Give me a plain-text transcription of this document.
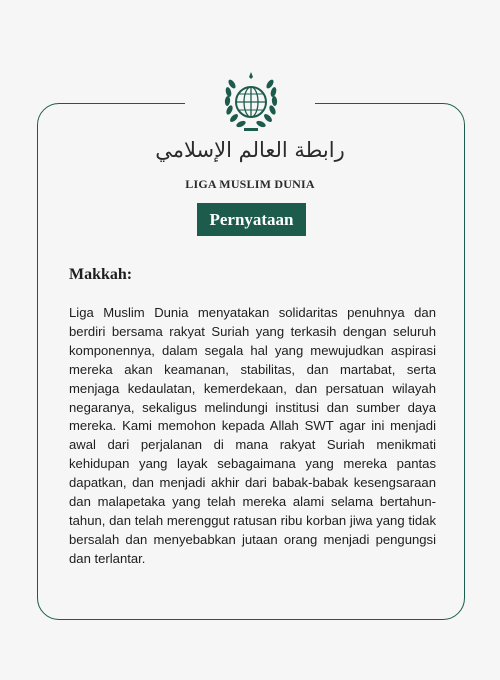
رابطة العالم الإسلامي
LIGA MUSLIM DUNIA
Pernyataan
Makkah:

Liga Muslim Dunia menyatakan solidaritas penuhnya dan berdiri bersama rakyat Suriah yang terkasih dengan seluruh komponennya, dalam segala hal yang mewujudkan aspirasi mereka akan keamanan, stabilitas, dan martabat, serta menjaga kedaulatan, kemerdekaan, dan persatuan wilayah negaranya, sekaligus melindungi institusi dan sumber daya mereka. Kami memohon kepada Allah SWT agar ini menjadi awal dari perjalanan di mana rakyat Suriah menikmati kehidupan yang layak sebagaimana yang mereka pantas dapatkan, dan menjadi akhir dari babak-babak kesengsaraan dan malapetaka yang telah mereka alami selama bertahun-tahun, dan telah merenggut ratusan ribu korban jiwa yang tidak bersalah dan menyebabkan jutaan orang menjadi pengungsi dan terlantar.
